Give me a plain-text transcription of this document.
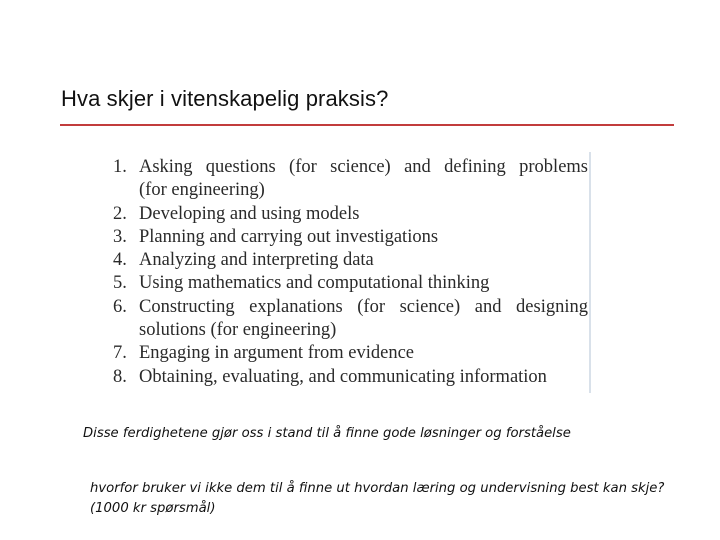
Hva skjer i vitenskapelig praksis?
1. Asking questions (for science) and defining problems
(for engineering)
2. Developing and using models
3. Planning and carrying out investigations
4. Analyzing and interpreting data
5. Using mathematics and computational thinking
6. Constructing explanations (for science) and designing
solutions (for engineering)
7. Engaging in argument from evidence
8. Obtaining, evaluating, and communicating information
Disse ferdighetene gjør oss i stand til å finne gode løsninger og forståelse
hvorfor bruker vi ikke dem til å finne ut hvordan læring og undervisning best kan skje? (1000 kr spørsmål)
